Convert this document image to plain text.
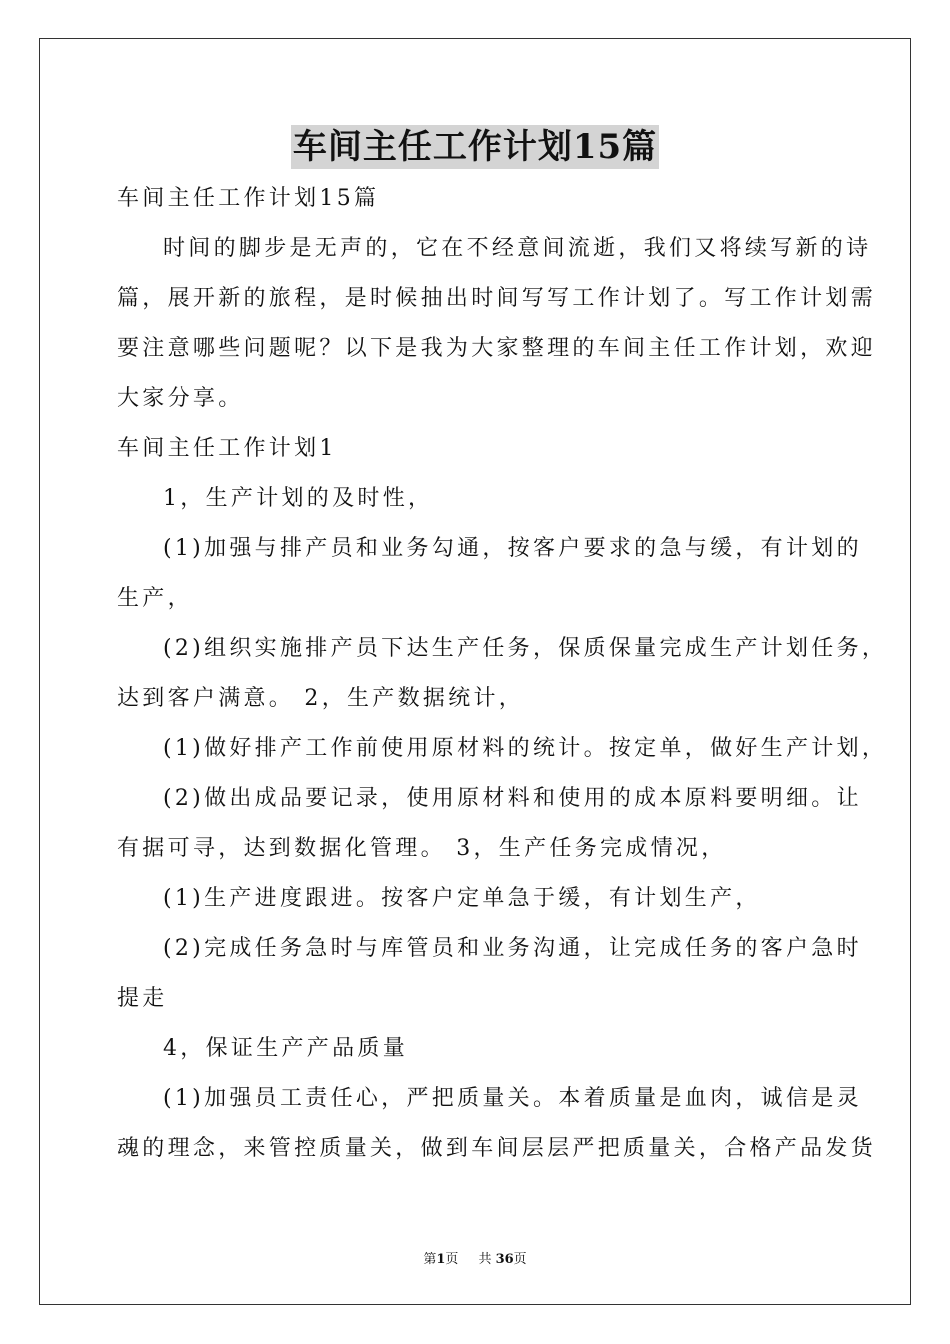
车间主任工作计划15篇
车间主任工作计划15篇
时间的脚步是无声的，它在不经意间流逝，我们又将续写新的诗
篇，展开新的旅程，是时候抽出时间写写工作计划了。写工作计划需
要注意哪些问题呢？以下是我为大家整理的车间主任工作计划，欢迎
大家分享。
车间主任工作计划1
1，生产计划的及时性，
(1)加强与排产员和业务勾通，按客户要求的急与缓，有计划的
生产，
(2)组织实施排产员下达生产任务，保质保量完成生产计划任务，
达到客户满意。 2，生产数据统计，
(1)做好排产工作前使用原材料的统计。按定单，做好生产计划，
(2)做出成品要记录，使用原材料和使用的成本原料要明细。让
有据可寻，达到数据化管理。 3，生产任务完成情况，
(1)生产进度跟进。按客户定单急于缓，有计划生产，
(2)完成任务急时与库管员和业务沟通，让完成任务的客户急时
提走
4，保证生产产品质量
(1)加强员工责任心，严把质量关。本着质量是血肉，诚信是灵
魂的理念，来管控质量关，做到车间层层严把质量关，合格产品发货
第1页 共 36页
